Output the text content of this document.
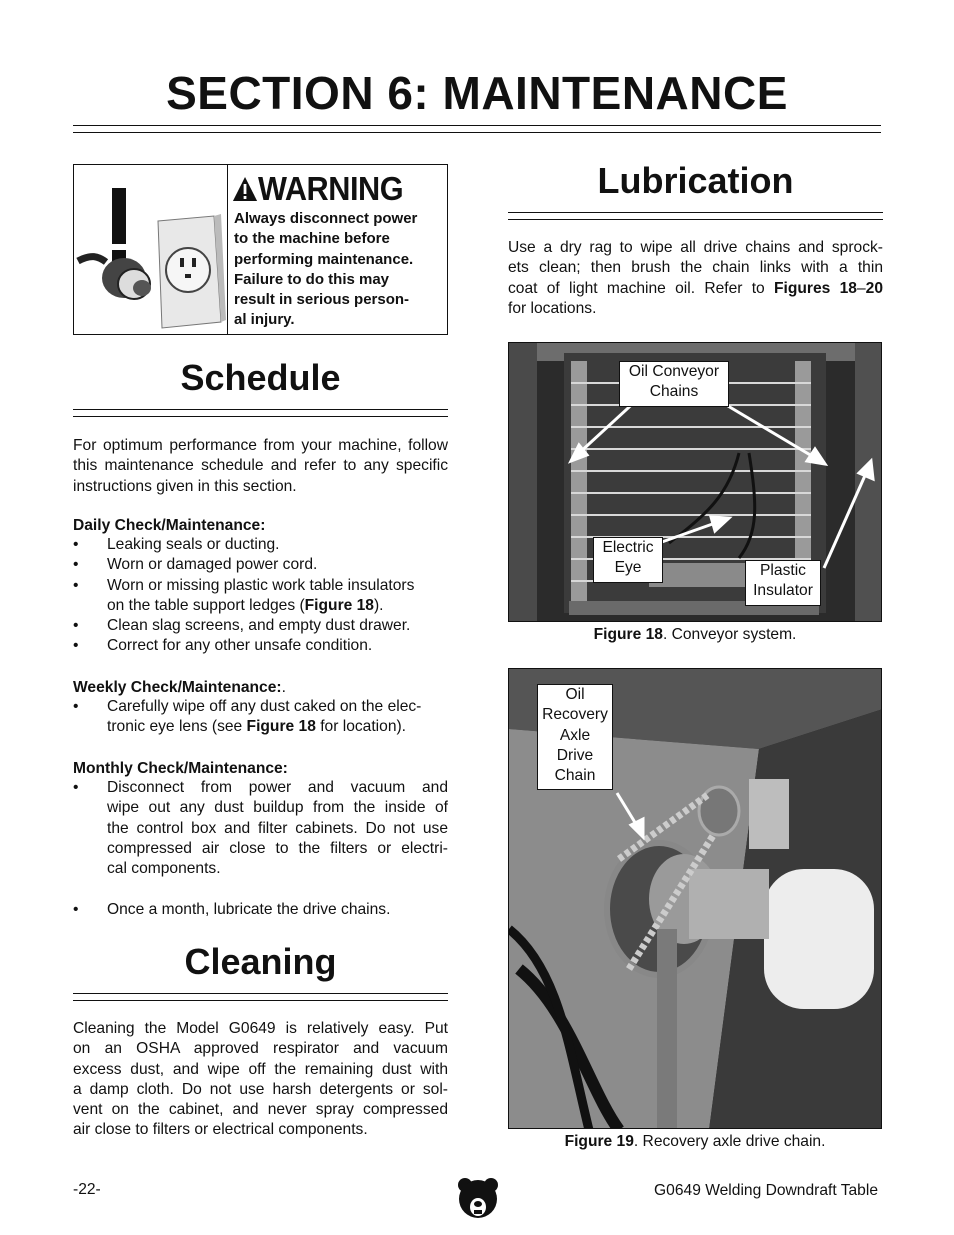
SECTION 6: MAINTENANCE
WARNING
Always disconnect power
to the machine before
performing maintenance.
Failure to do this may
result in serious person-
al injury.
Schedule
For optimum performance from your machine, follow this maintenance schedule and refer to any specific instructions given in this section.
Daily Check/Maintenance:
• Leaking seals or ducting.
• Worn or damaged power cord.
• Worn or missing plastic work table insulators
on the table support ledges (Figure 18).
• Clean slag screens, and empty dust drawer.
• Correct for any other unsafe condition.
Weekly Check/Maintenance:.
• Carefully wipe off any dust caked on the elec-
tronic eye lens (see Figure 18 for location).
Monthly Check/Maintenance:
• Disconnect from power and vacuum and
wipe out any dust buildup from the inside of
the control box and filter cabinets. Do not use
compressed air close to the filters or electri-
cal components.
• Once a month, lubricate the drive chains.
Cleaning
Cleaning the Model G0649 is relatively easy. Put
on an OSHA approved respirator and vacuum
excess dust, and wipe off the remaining dust with
a damp cloth. Do not use harsh detergents or sol-
vent on the cabinet, and never spray compressed
air close to filters or electrical components.
Lubrication
Use a dry rag to wipe all drive chains and sprock-
ets clean; then brush the chain links with a thin
coat of light machine oil. Refer to Figures 18–20
for locations.
Oil Conveyor
Chains
Electric
Eye	Plastic
Insulator
Figure 18. Conveyor system.
Oil
Recovery
Axle
Drive
Chain
Figure 19. Recovery axle drive chain.
-22-	G0649 Welding Downdraft Table
